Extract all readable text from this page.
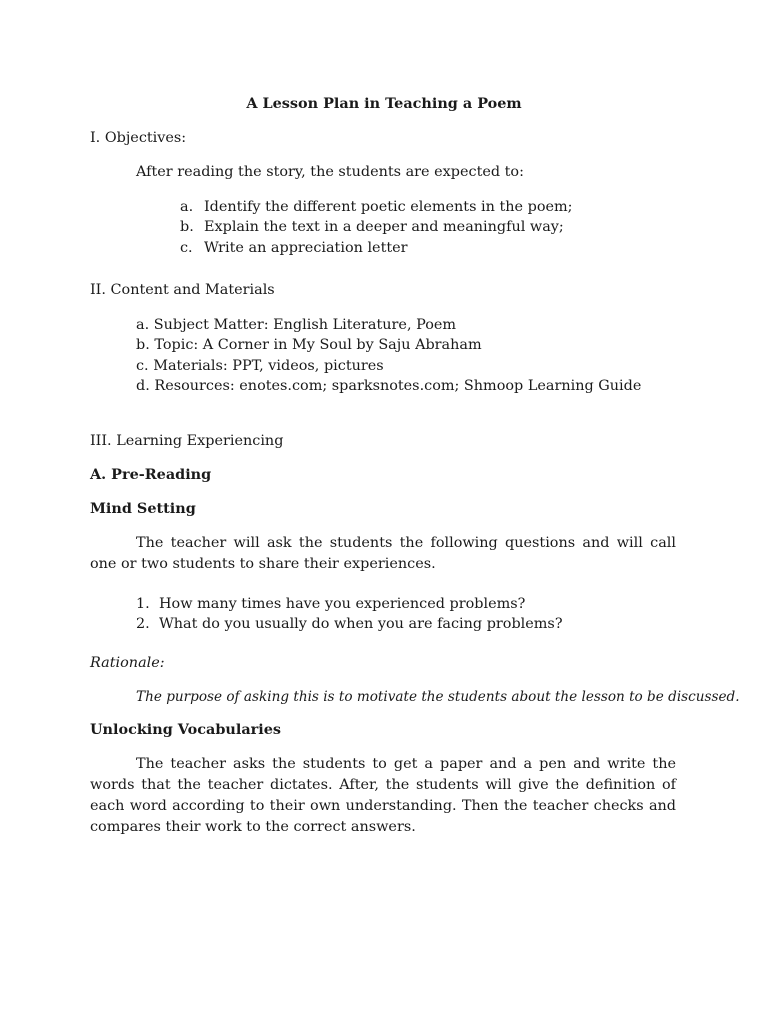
A Lesson Plan in Teaching a Poem
I. Objectives:
After reading the story, the students are expected to:
a. Identify the different poetic elements in the poem;
b. Explain the text in a deeper and meaningful way;
c. Write an appreciation letter
II. Content and Materials
a. Subject Matter: English Literature, Poem
b. Topic: A Corner in My Soul by Saju Abraham
c. Materials: PPT, videos, pictures
d. Resources: enotes.com; sparksnotes.com; Shmoop Learning Guide
III. Learning Experiencing
A. Pre-Reading
Mind Setting
The teacher will ask the students the following questions and will call one or two students to share their experiences.
1. How many times have you experienced problems?
2. What do you usually do when you are facing problems?
Rationale:
The purpose of asking this is to motivate the students about the lesson to be discussed.
Unlocking Vocabularies
The teacher asks the students to get a paper and a pen and write the words that the teacher dictates. After, the students will give the definition of each word according to their own understanding. Then the teacher checks and compares their work to the correct answers.
